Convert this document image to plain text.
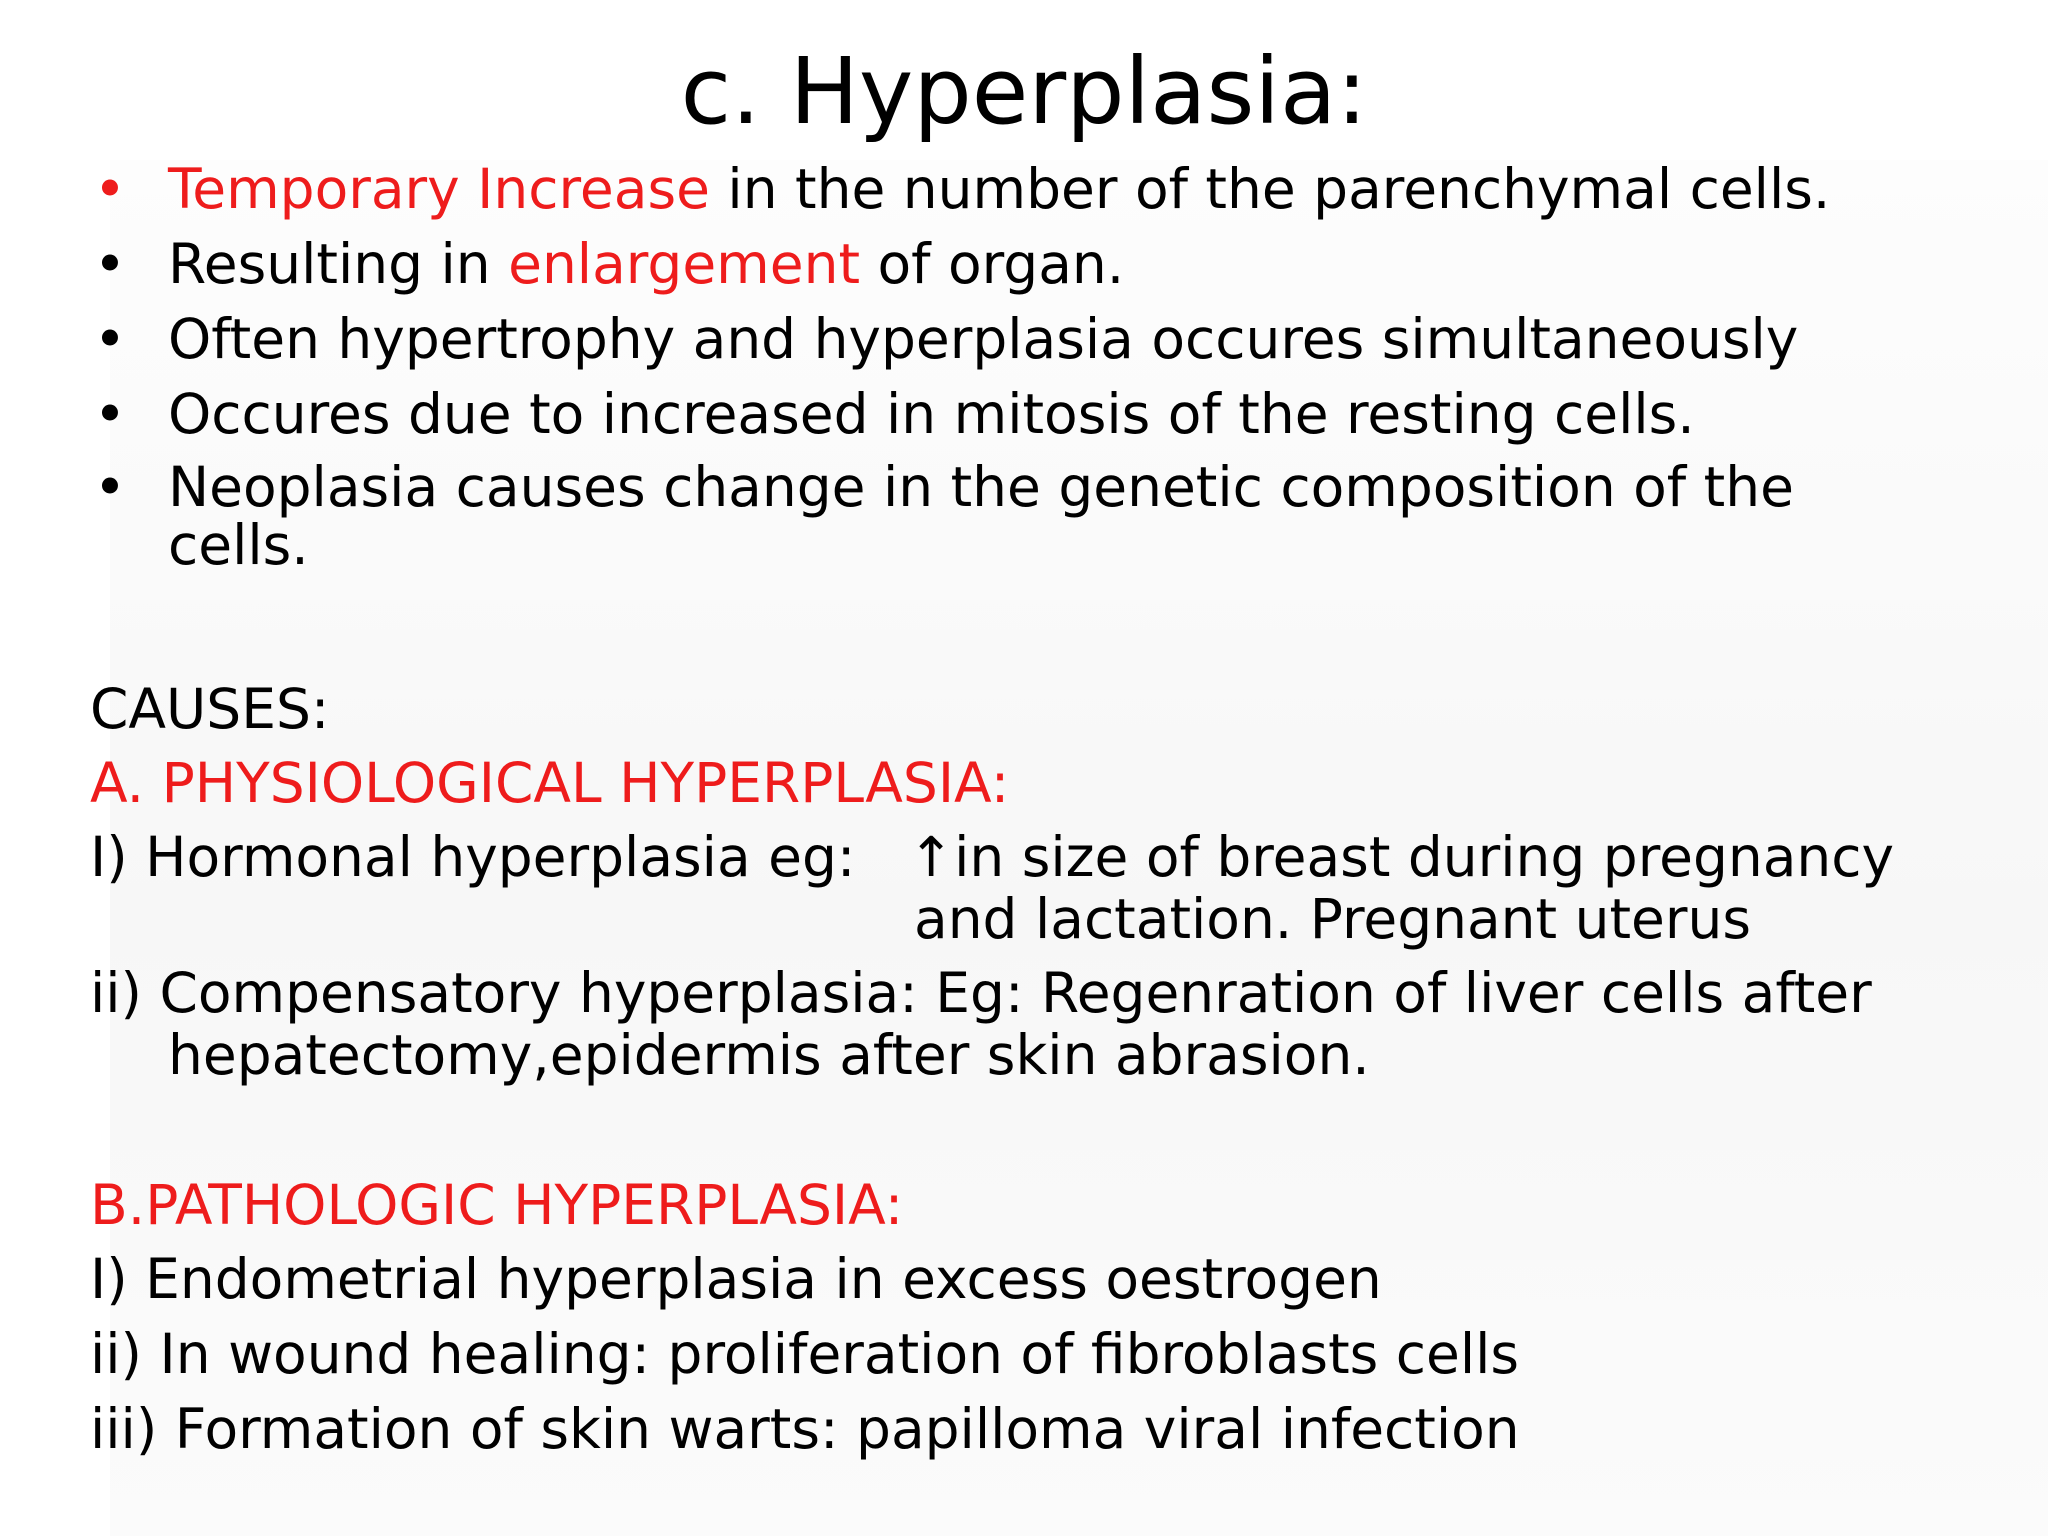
c. Hyperplasia:
• Temporary Increase in the number of the parenchymal cells.
• Resulting in enlargement of organ.
• Often hypertrophy and hyperplasia occures simultaneously
• Occures due to increased in mitosis of the resting cells.
• Neoplasia causes change in the genetic composition of the
cells.
CAUSES:
A. PHYSIOLOGICAL HYPERPLASIA:
I) Hormonal hyperplasia eg: ↑in size of breast during pregnancy
and lactation. Pregnant uterus
ii) Compensatory hyperplasia: Eg: Regenration of liver cells after
hepatectomy,epidermis after skin abrasion.
B.PATHOLOGIC HYPERPLASIA:
I) Endometrial hyperplasia in excess oestrogen
ii) In wound healing: proliferation of fibroblasts cells
iii) Formation of skin warts: papilloma viral infection
